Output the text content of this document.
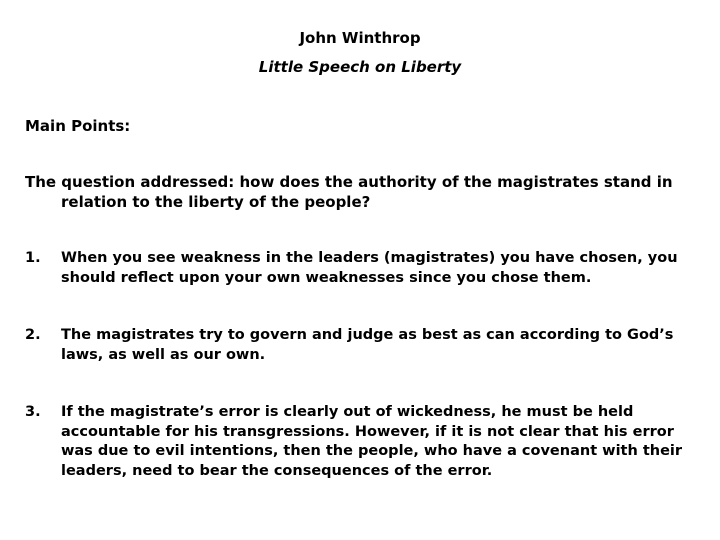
John Winthrop
Little Speech on Liberty
Main Points:
The question addressed: how does the authority of the magistrates stand in relation to the liberty of the people?
1. When you see weakness in the leaders (magistrates) you have chosen, you should reflect upon your own weaknesses since you chose them.
2. The magistrates try to govern and judge as best as can according to God’s laws, as well as our own.
3. If the magistrate’s error is clearly out of wickedness, he must be held accountable for his transgressions. However, if it is not clear that his error was due to evil intentions, then the people, who have a covenant with their leaders, need to bear the consequences of the error.
